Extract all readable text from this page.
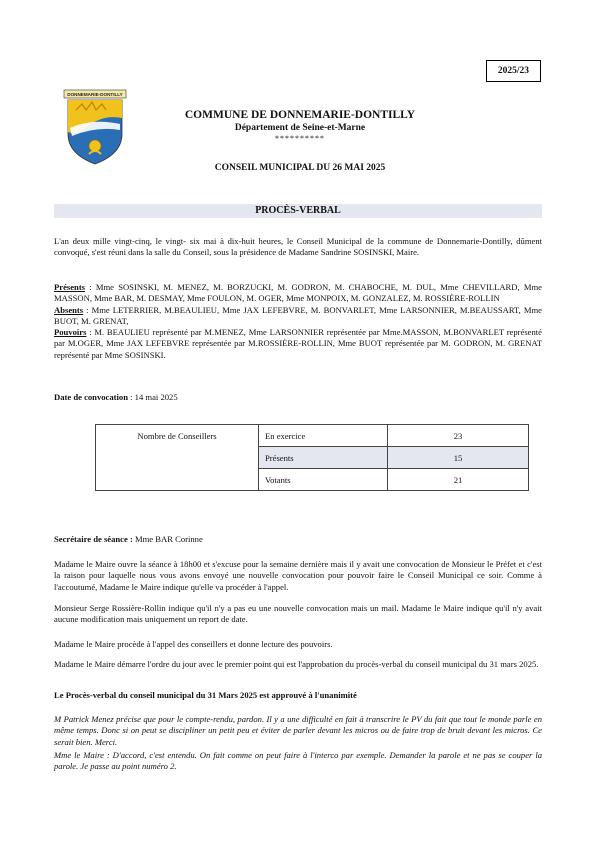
2025/23
DONNEMARIE-DONTILLY
COMMUNE DE DONNEMARIE-DONTILLY
Département de Seine-et-Marne
**********
CONSEIL MUNICIPAL DU 26 MAI 2025
PROCÈS-VERBAL
L'an deux mille vingt-cinq, le vingt- six mai à dix-huit heures, le Conseil Municipal de la commune de Donnemarie-Dontilly, dûment convoqué, s'est réuni dans la salle du Conseil, sous la présidence de Madame Sandrine SOSINSKI, Maire.
Présents : Mme SOSINSKI, M. MENEZ, M. BORZUCKI, M. GODRON, M. CHABOCHE, M. DUL, Mme CHEVILLARD, Mme MASSON, Mme BAR, M. DESMAY, Mme FOULON, M. OGER, Mme MONPOIX, M. GONZALEZ, M. ROSSIÈRE-ROLLIN
Absents : Mme LETERRIER, M.BEAULIEU, Mme JAX LEFEBVRE, M. BONVARLET, Mme LARSONNIER, M.BEAUSSART, Mme BUOT, M. GRENAT,
Pouvoirs : M. BEAULIEU représenté par M.MENEZ, Mme LARSONNIER représentée par Mme.MASSON, M.BONVARLET représenté par M.OGER, Mme JAX LEFEBVRE représentée par M.ROSSIÈRE-ROLLIN, Mme BUOT représentée par M. GODRON, M. GRENAT représenté par Mme SOSINSKI.
Date de convocation : 14 mai 2025
Nombre de Conseillers	En exercice	23
	Présents	15
	Votants	21
Secrétaire de séance : Mme BAR Corinne
Madame le Maire ouvre la séance à 18h00 et s'excuse pour la semaine dernière mais il y avait une convocation de Monsieur le Préfet et c'est la raison pour laquelle nous vous avons envoyé une nouvelle convocation pour pouvoir faire le Conseil Municipal ce soir. Comme à l'accoutumé, Madame le Maire indique qu'elle va procéder à l'appel.
Monsieur Serge Rossière-Rollin indique qu'il n'y a pas eu une nouvelle convocation mais un mail. Madame le Maire indique qu'il n'y avait aucune modification mais uniquement un report de date.
Madame le Maire procède à l'appel des conseillers et donne lecture des pouvoirs.
Madame le Maire démarre l'ordre du jour avec le premier point qui est l'approbation du procès-verbal du conseil municipal du 31 mars 2025.
Le Procès-verbal du conseil municipal du 31 Mars 2025 est approuvé à l'unanimité
M Patrick Menez précise que pour le compte-rendu, pardon. Il y a une difficulté en fait à transcrire le PV du fait que tout le monde parle en même temps. Donc si on peut se discipliner un petit peu et éviter de parler devant les micros ou de faire trop de bruit devant les micros. Ce serait bien. Merci.
Mme le Maire : D'accord, c'est entendu. On fait comme on peut faire à l'interco par exemple. Demander la parole et ne pas se couper la parole. Je passe au point numéro 2.
